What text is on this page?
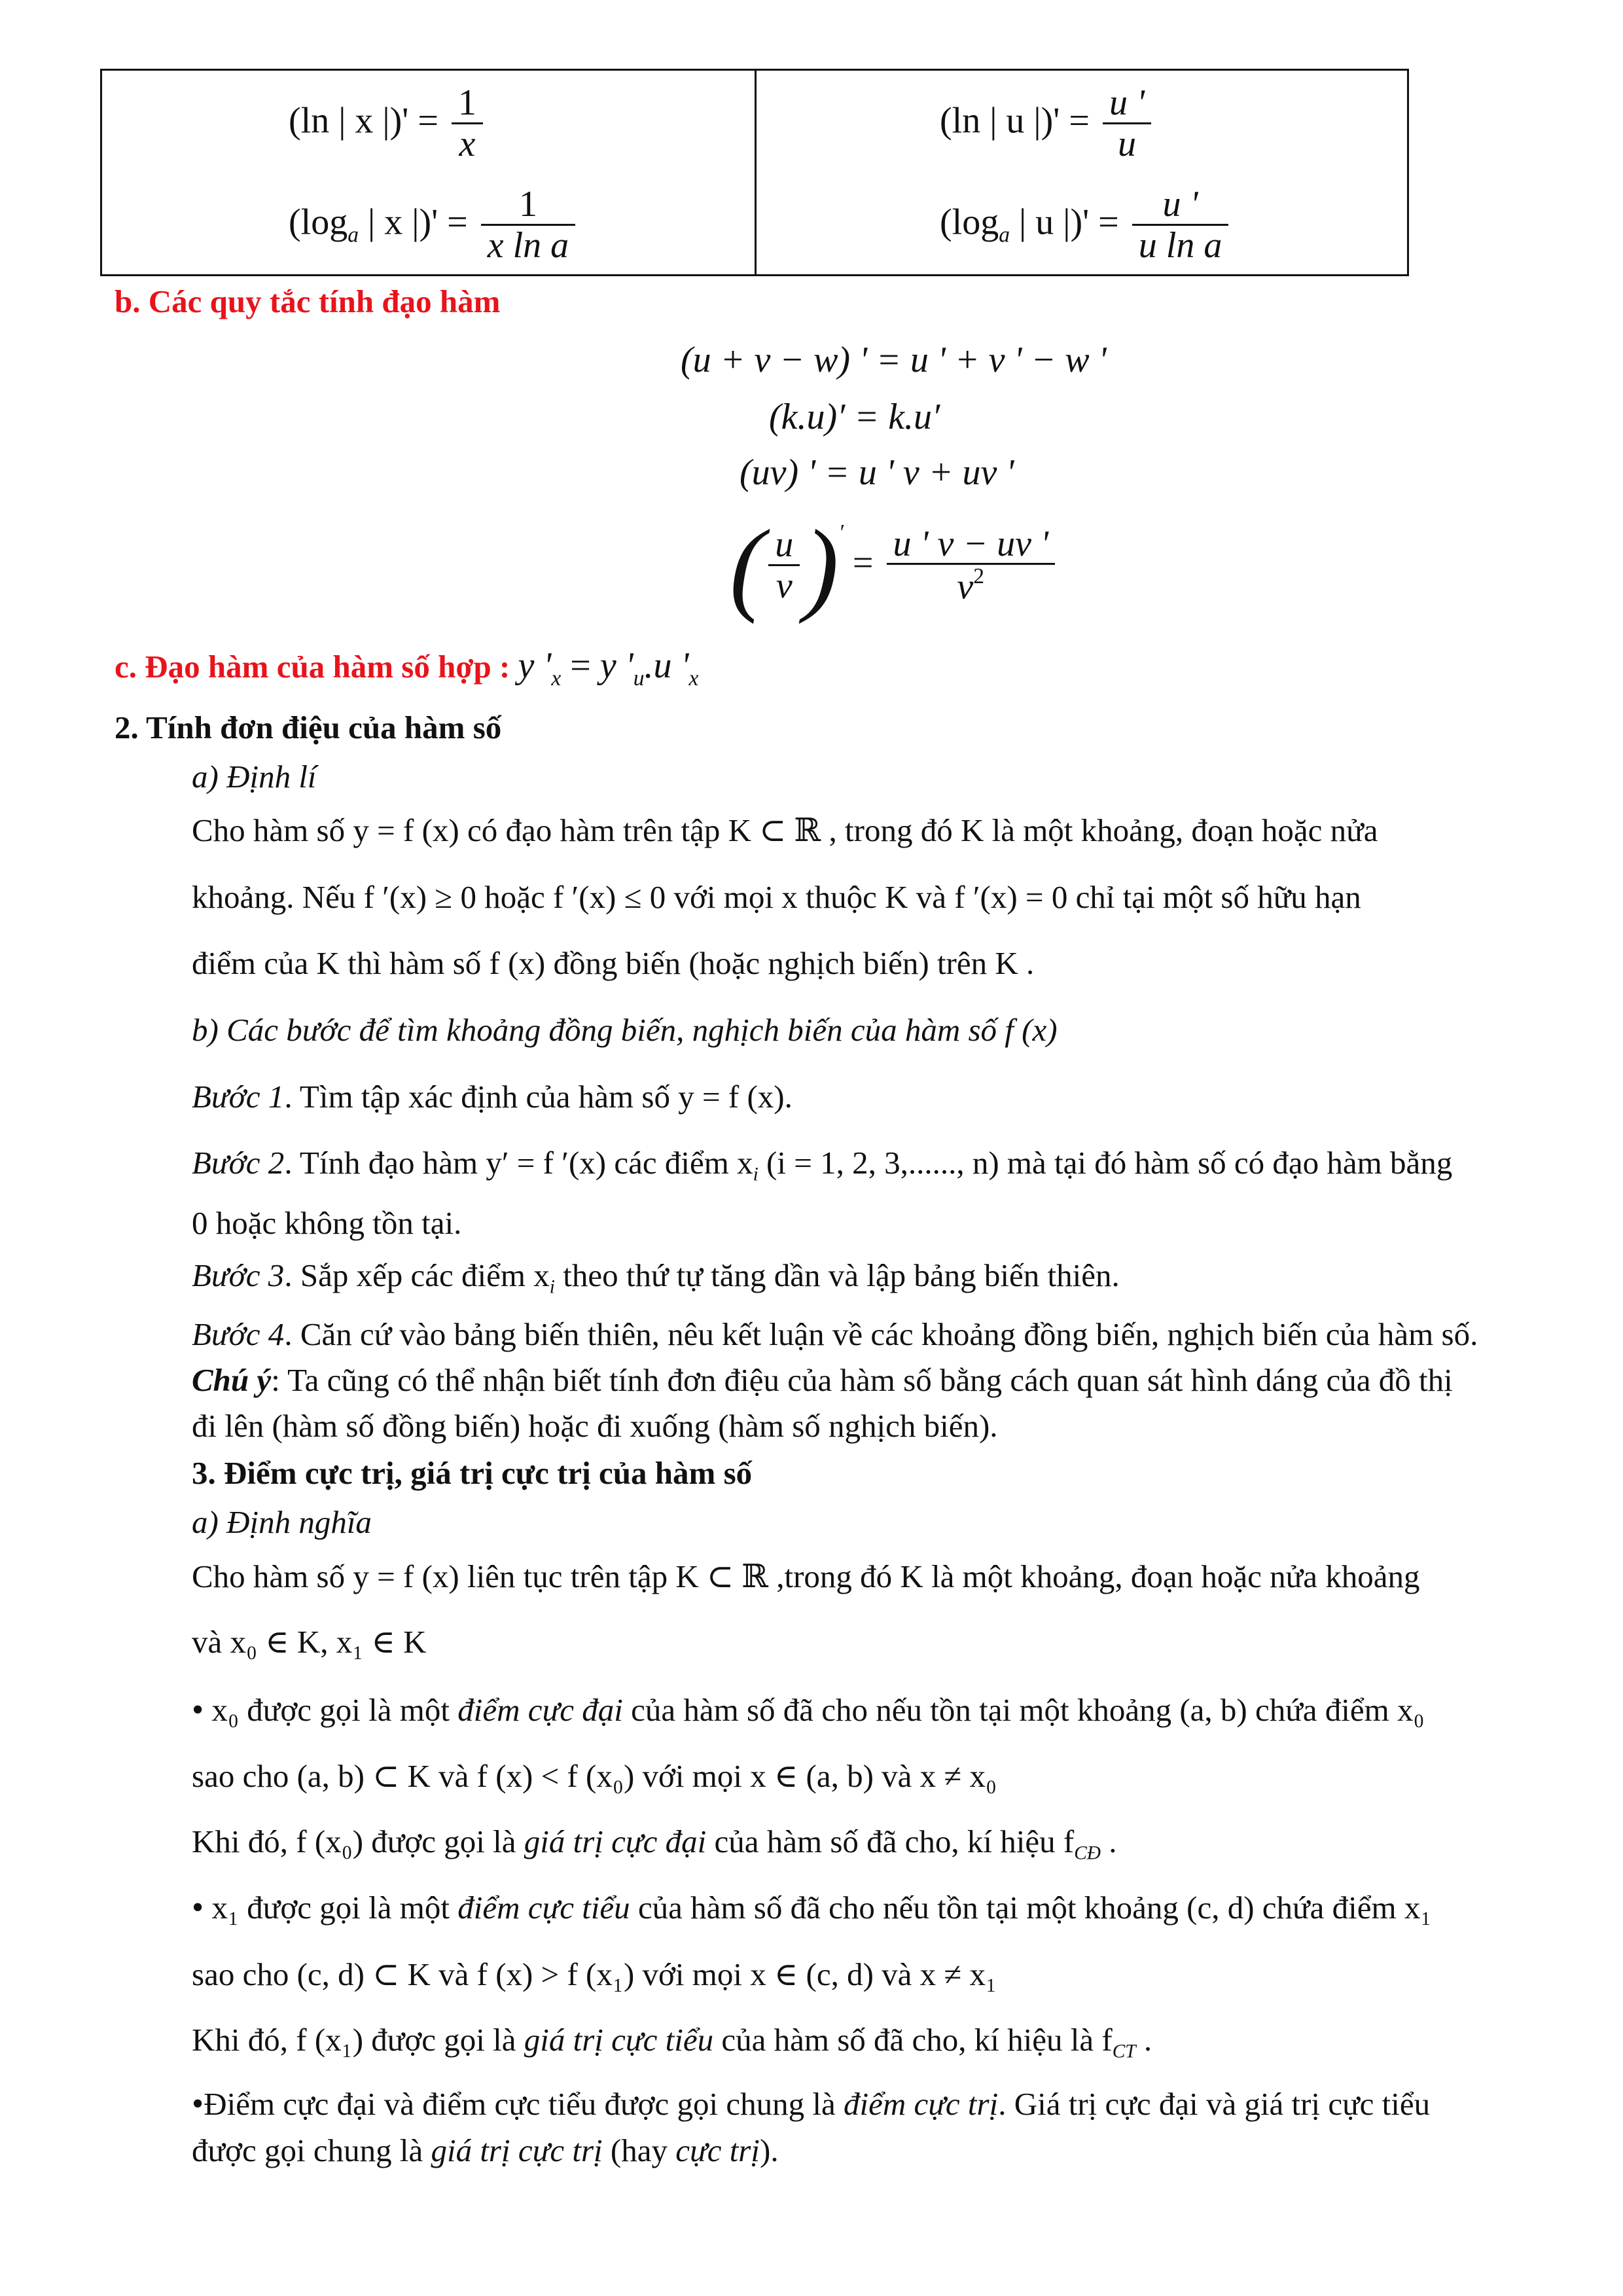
(ln | x |)' = $\frac{1}{x}$
($\log_a$ | x |)' = $\frac{1}{\text{x ln a}}$
(ln | u |)' = $\frac{u '}{u}$
($\log_a$ | u |)' = $\frac{u '}{\text{u ln a}}$
b. Các quy tắc tính đạo hàm
(u + v − w) ' = u ' + v ' − w '
(k.u)′ = k.u′
(uv) ' = u ' v + uv '
( $\frac{u}{v} )' = \frac{u ' v - uv '}{v^2}$
c. Đạo hàm của hàm số hợp : y '$_x = y$ '$_u.u$ '$_x$
2. Tính đơn điệu của hàm số
a) Định lí
Cho hàm số y = f (x) có đạo hàm trên tập K ⊂ ℝ , trong đó K là một khoảng, đoạn hoặc nửa
khoảng. Nếu f ′(x) ≥ 0 hoặc f ′(x) ≤ 0 với mọi x thuộc K và f ′(x) = 0 chỉ tại một số hữu hạn
điểm của K thì hàm số f (x) đồng biến (hoặc nghịch biến) trên K .
b) Các bước để tìm khoảng đồng biến, nghịch biến của hàm số f (x)
Bước 1. Tìm tập xác định của hàm số y = f (x).
Bước 2. Tính đạo hàm y′ = f ′(x) các điểm $x_i$ (i = 1, 2, 3,......, n) mà tại đó hàm số có đạo hàm bằng
0 hoặc không tồn tại.
Bước 3. Sắp xếp các điểm $x_i$ theo thứ tự tăng dần và lập bảng biến thiên.
Bước 4. Căn cứ vào bảng biến thiên, nêu kết luận về các khoảng đồng biến, nghịch biến của hàm số.
Chú ý: Ta cũng có thể nhận biết tính đơn điệu của hàm số bằng cách quan sát hình dáng của đồ thị
đi lên (hàm số đồng biến) hoặc đi xuống (hàm số nghịch biến).
3. Điểm cực trị, giá trị cực trị của hàm số
a) Định nghĩa
Cho hàm số y = f (x) liên tục trên tập K ⊂ ℝ ,trong đó K là một khoảng, đoạn hoặc nửa khoảng
và x₀ ∈ K, x₁ ∈ K
• x₀ được gọi là một điểm cực đại của hàm số đã cho nếu tồn tại một khoảng (a, b) chứa điểm x₀
sao cho (a, b) ⊂ K và f (x) < f (x₀) với mọi x ∈ (a, b) và x ≠ x₀
Khi đó, f (x₀) được gọi là giá trị cực đại của hàm số đã cho, kí hiệu $f_{CĐ}$ .
• x₁ được gọi là một điểm cực tiểu của hàm số đã cho nếu tồn tại một khoảng (c, d) chứa điểm x₁
sao cho (c, d) ⊂ K và f (x) > f (x₁) với mọi x ∈ (c, d) và x ≠ x₁
Khi đó, f (x₁) được gọi là giá trị cực tiểu của hàm số đã cho, kí hiệu là $f_{CT}$ .
•Điểm cực đại và điểm cực tiểu được gọi chung là điểm cực trị. Giá trị cực đại và giá trị cực tiểu
được gọi chung là giá trị cực trị (hay cực trị).
